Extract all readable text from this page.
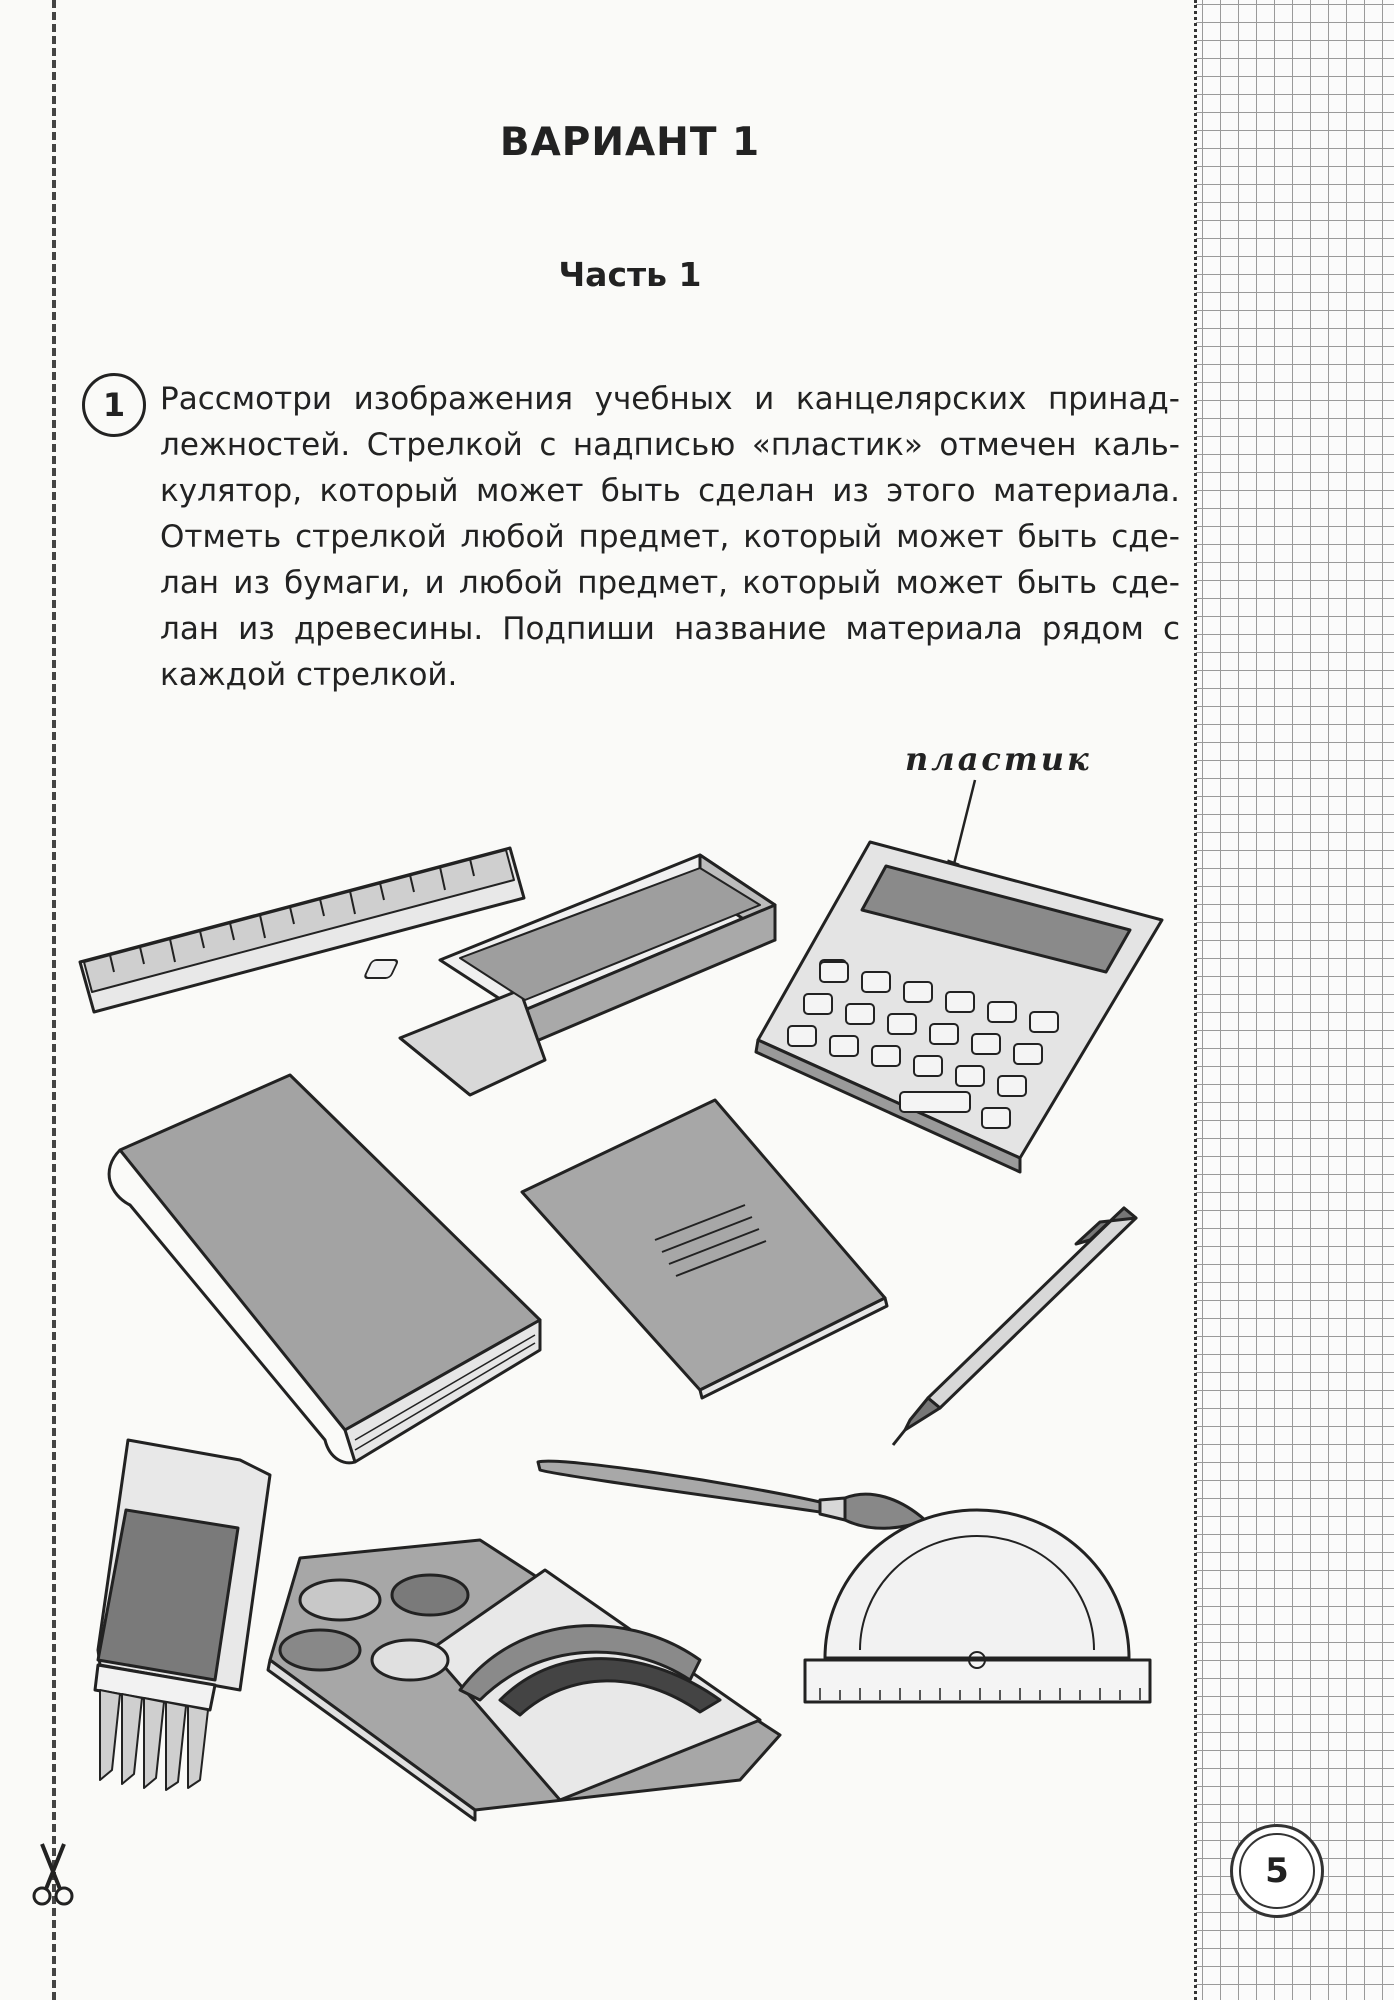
ВАРИАНТ 1
Часть 1
1	Рассмотри изображения учебных и канцелярских принад-
лежностей. Стрелкой с надписью «пластик» отмечен каль-
кулятор, который может быть сделан из этого материала.
Отметь стрелкой любой предмет, который может быть сде-
лан из бумаги, и любой предмет, который может быть сде-
лан из древесины. Подпиши название материала рядом с
каждой стрелкой.
пластик
5
